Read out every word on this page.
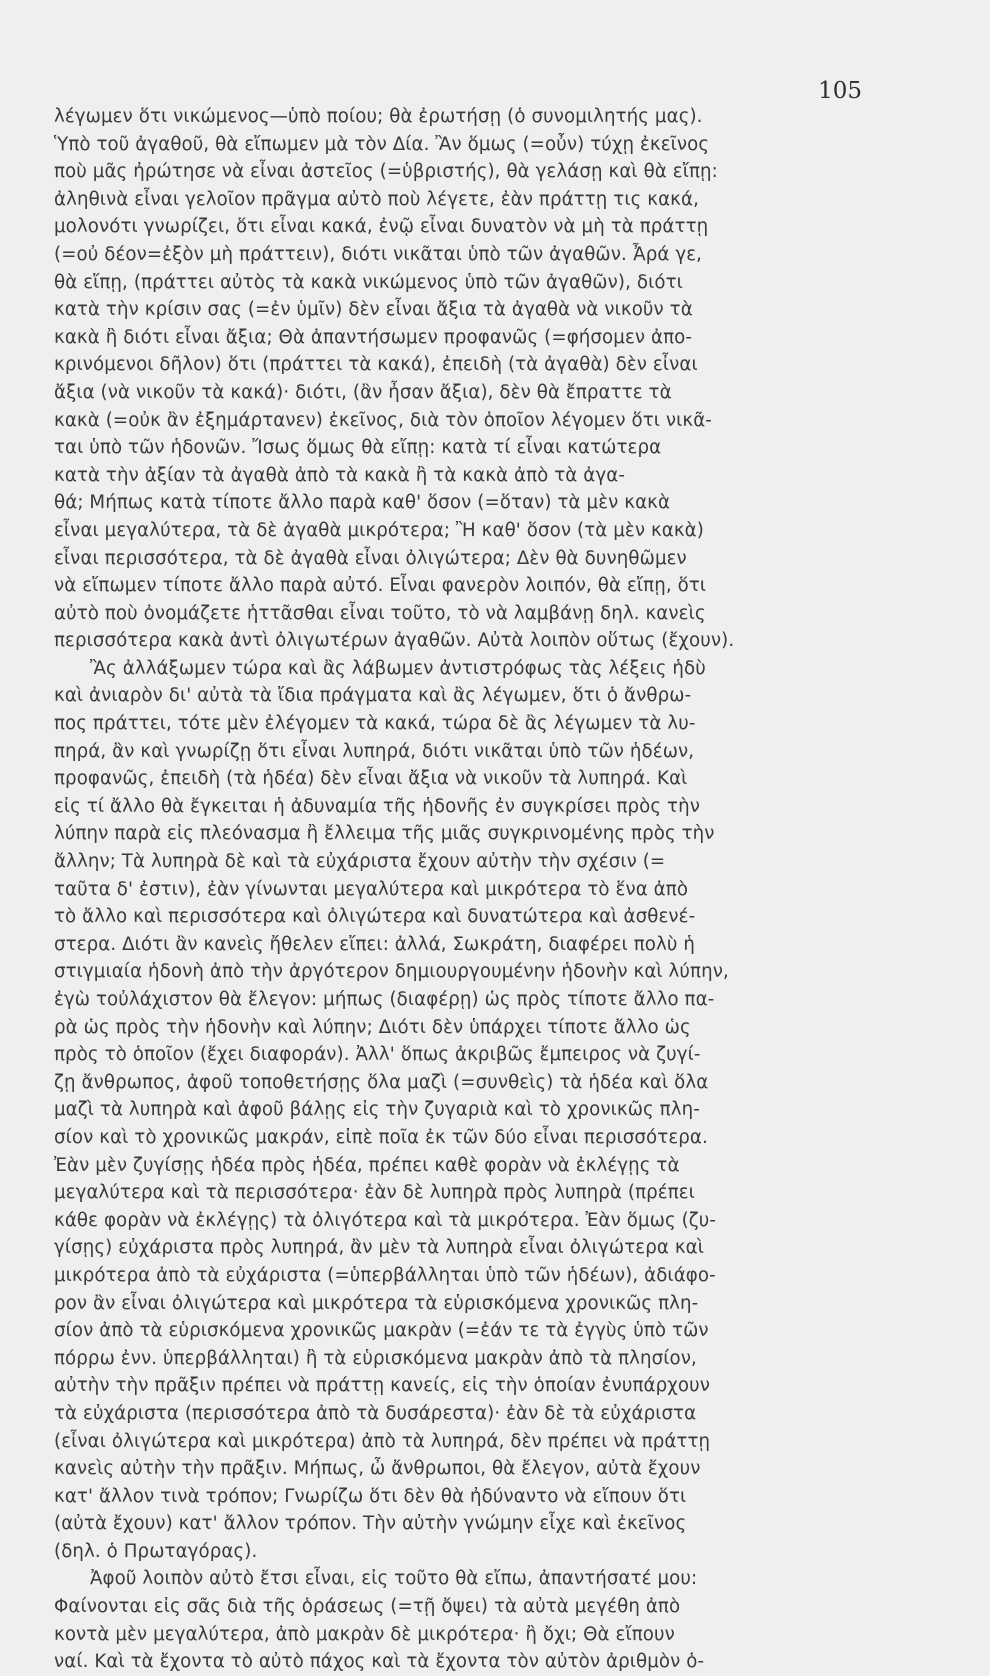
105
λέγωμεν ὅτι νικώμενος—ὑπὸ ποίου; θὰ ἐρωτήσῃ (ὁ συνομιλητής μας).
Ὑπὸ τοῦ ἀγαθοῦ, θὰ εἴπωμεν μὰ τὸν Δία. Ἂν ὅμως (=οὖν) τύχῃ ἐκεῖνος
ποὺ μᾶς ἠρώτησε νὰ εἶναι ἀστεῖος (=ὑβριστής), θὰ γελάσῃ καὶ θὰ εἴπῃ:
ἀληθινὰ εἶναι γελοῖον πρᾶγμα αὐτὸ ποὺ λέγετε, ἐὰν πράττῃ τις κακά,
μολονότι γνωρίζει, ὅτι εἶναι κακά, ἐνῷ εἶναι δυνατὸν νὰ μὴ τὰ πράττῃ
(=οὐ δέον=ἐξὸν μὴ πράττειν), διότι νικᾶται ὑπὸ τῶν ἀγαθῶν. Ἆρά γε,
θὰ εἴπῃ, (πράττει αὐτὸς τὰ κακὰ νικώμενος ὑπὸ τῶν ἀγαθῶν), διότι
κατὰ τὴν κρίσιν σας (=ἐν ὑμῖν) δὲν εἶναι ἄξια τὰ ἀγαθὰ νὰ νικοῦν τὰ
κακὰ ἢ διότι εἶναι ἄξια; Θὰ ἀπαντήσωμεν προφανῶς (=φήσομεν ἀπο-
κρινόμενοι δῆλον) ὅτι (πράττει τὰ κακά), ἐπειδὴ (τὰ ἀγαθὰ) δὲν εἶναι
ἄξια (νὰ νικοῦν τὰ κακά)· διότι, (ἂν ἦσαν ἄξια), δὲν θὰ ἔπραττε τὰ
κακὰ (=οὐκ ἂν ἐξημάρτανεν) ἐκεῖνος, διὰ τὸν ὁποῖον λέγομεν ὅτι νικᾶ-
ται ὑπὸ τῶν ἡδονῶν. Ἴσως ὅμως θὰ εἴπῃ: κατὰ τί εἶναι κατώτερα
κατὰ τὴν ἀξίαν τὰ ἀγαθὰ ἀπὸ τὰ κακὰ ἢ τὰ κακὰ ἀπὸ τὰ ἀγα-
θά; Μήπως κατὰ τίποτε ἄλλο παρὰ καθ' ὅσον (=ὅταν) τὰ μὲν κακὰ
εἶναι μεγαλύτερα, τὰ δὲ ἀγαθὰ μικρότερα; Ἢ καθ' ὅσον (τὰ μὲν κακὰ)
εἶναι περισσότερα, τὰ δὲ ἀγαθὰ εἶναι ὀλιγώτερα; Δὲν θὰ δυνηθῶμεν
νὰ εἴπωμεν τίποτε ἄλλο παρὰ αὐτό. Εἶναι φανερὸν λοιπόν, θὰ εἴπῃ, ὅτι
αὐτὸ ποὺ ὀνομάζετε ἡττᾶσθαι εἶναι τοῦτο, τὸ νὰ λαμβάνῃ δηλ. κανεὶς
περισσότερα κακὰ ἀντὶ ὀλιγωτέρων ἀγαθῶν. Αὐτὰ λοιπὸν οὕτως (ἔχουν).
Ἂς ἀλλάξωμεν τώρα καὶ ἂς λάβωμεν ἀντιστρόφως τὰς λέξεις ἡδὺ
καὶ ἀνιαρὸν δι' αὐτὰ τὰ ἴδια πράγματα καὶ ἂς λέγωμεν, ὅτι ὁ ἄνθρω-
πος πράττει, τότε μὲν ἐλέγομεν τὰ κακά, τώρα δὲ ἂς λέγωμεν τὰ λυ-
πηρά, ἂν καὶ γνωρίζῃ ὅτι εἶναι λυπηρά, διότι νικᾶται ὑπὸ τῶν ἡδέων,
προφανῶς, ἐπειδὴ (τὰ ἡδέα) δὲν εἶναι ἄξια νὰ νικοῦν τὰ λυπηρά. Καὶ
εἰς τί ἄλλο θὰ ἔγκειται ἡ ἀδυναμία τῆς ἡδονῆς ἐν συγκρίσει πρὸς τὴν
λύπην παρὰ εἰς πλεόνασμα ἢ ἔλλειμα τῆς μιᾶς συγκρινομένης πρὸς τὴν
ἄλλην; Τὰ λυπηρὰ δὲ καὶ τὰ εὐχάριστα ἔχουν αὐτὴν τὴν σχέσιν (=
ταῦτα δ' ἐστιν), ἐὰν γίνωνται μεγαλύτερα καὶ μικρότερα τὸ ἕνα ἀπὸ
τὸ ἄλλο καὶ περισσότερα καὶ ὀλιγώτερα καὶ δυνατώτερα καὶ ἀσθενέ-
στερα. Διότι ἂν κανεὶς ἤθελεν εἴπει: ἀλλά, Σωκράτη, διαφέρει πολὺ ἡ
στιγμιαία ἡδονὴ ἀπὸ τὴν ἀργότερον δημιουργουμένην ἡδονὴν καὶ λύπην,
ἐγὼ τοὐλάχιστον θὰ ἔλεγον: μήπως (διαφέρῃ) ὡς πρὸς τίποτε ἄλλο πα-
ρὰ ὡς πρὸς τὴν ἡδονὴν καὶ λύπην; Διότι δὲν ὑπάρχει τίποτε ἄλλο ὡς
πρὸς τὸ ὁποῖον (ἔχει διαφοράν). Ἀλλ' ὅπως ἀκριβῶς ἔμπειρος νὰ ζυγί-
ζῃ ἄνθρωπος, ἀφοῦ τοποθετήσῃς ὅλα μαζὶ (=συνθεὶς) τὰ ἡδέα καὶ ὅλα
μαζὶ τὰ λυπηρὰ καὶ ἀφοῦ βάλῃς εἰς τὴν ζυγαριὰ καὶ τὸ χρονικῶς πλη-
σίον καὶ τὸ χρονικῶς μακράν, εἰπὲ ποῖα ἐκ τῶν δύο εἶναι περισσότερα.
Ἐὰν μὲν ζυγίσῃς ἡδέα πρὸς ἡδέα, πρέπει καθὲ φορὰν νὰ ἐκλέγῃς τὰ
μεγαλύτερα καὶ τὰ περισσότερα· ἐὰν δὲ λυπηρὰ πρὸς λυπηρὰ (πρέπει
κάθε φορὰν νὰ ἐκλέγῃς) τὰ ὀλιγότερα καὶ τὰ μικρότερα. Ἐὰν ὅμως (ζυ-
γίσῃς) εὐχάριστα πρὸς λυπηρά, ἂν μὲν τὰ λυπηρὰ εἶναι ὀλιγώτερα καὶ
μικρότερα ἀπὸ τὰ εὐχάριστα (=ὑπερβάλληται ὑπὸ τῶν ἡδέων), ἀδιάφο-
ρον ἂν εἶναι ὀλιγώτερα καὶ μικρότερα τὰ εὑρισκόμενα χρονικῶς πλη-
σίον ἀπὸ τὰ εὑρισκόμενα χρονικῶς μακρὰν (=ἐάν τε τὰ ἐγγὺς ὑπὸ τῶν
πόρρω ἐνν. ὑπερβάλληται) ἢ τὰ εὑρισκόμενα μακρὰν ἀπὸ τὰ πλησίον,
αὐτὴν τὴν πρᾶξιν πρέπει νὰ πράττῃ κανείς, εἰς τὴν ὁποίαν ἐνυπάρχουν
τὰ εὐχάριστα (περισσότερα ἀπὸ τὰ δυσάρεστα)· ἐὰν δὲ τὰ εὐχάριστα
(εἶναι ὀλιγώτερα καὶ μικρότερα) ἀπὸ τὰ λυπηρά, δὲν πρέπει νὰ πράττῃ
κανεὶς αὐτὴν τὴν πρᾶξιν. Μήπως, ὦ ἄνθρωποι, θὰ ἔλεγον, αὐτὰ ἔχουν
κατ' ἄλλον τινὰ τρόπον; Γνωρίζω ὅτι δὲν θὰ ἠδύναντο νὰ εἴπουν ὅτι
(αὐτὰ ἔχουν) κατ' ἄλλον τρόπον. Τὴν αὐτὴν γνώμην εἶχε καὶ ἐκεῖνος
(δηλ. ὁ Πρωταγόρας).
Ἀφοῦ λοιπὸν αὐτὸ ἔτσι εἶναι, εἰς τοῦτο θὰ εἴπω, ἀπαντήσατέ μου:
Φαίνονται εἰς σᾶς διὰ τῆς ὁράσεως (=τῇ ὄψει) τὰ αὐτὰ μεγέθη ἀπὸ
κοντὰ μὲν μεγαλύτερα, ἀπὸ μακρὰν δὲ μικρότερα· ἢ ὄχι; Θὰ εἴπουν
ναί. Καὶ τὰ ἔχοντα τὸ αὐτὸ πάχος καὶ τὰ ἔχοντα τὸν αὐτὸν ἀριθμὸν ὁ-
